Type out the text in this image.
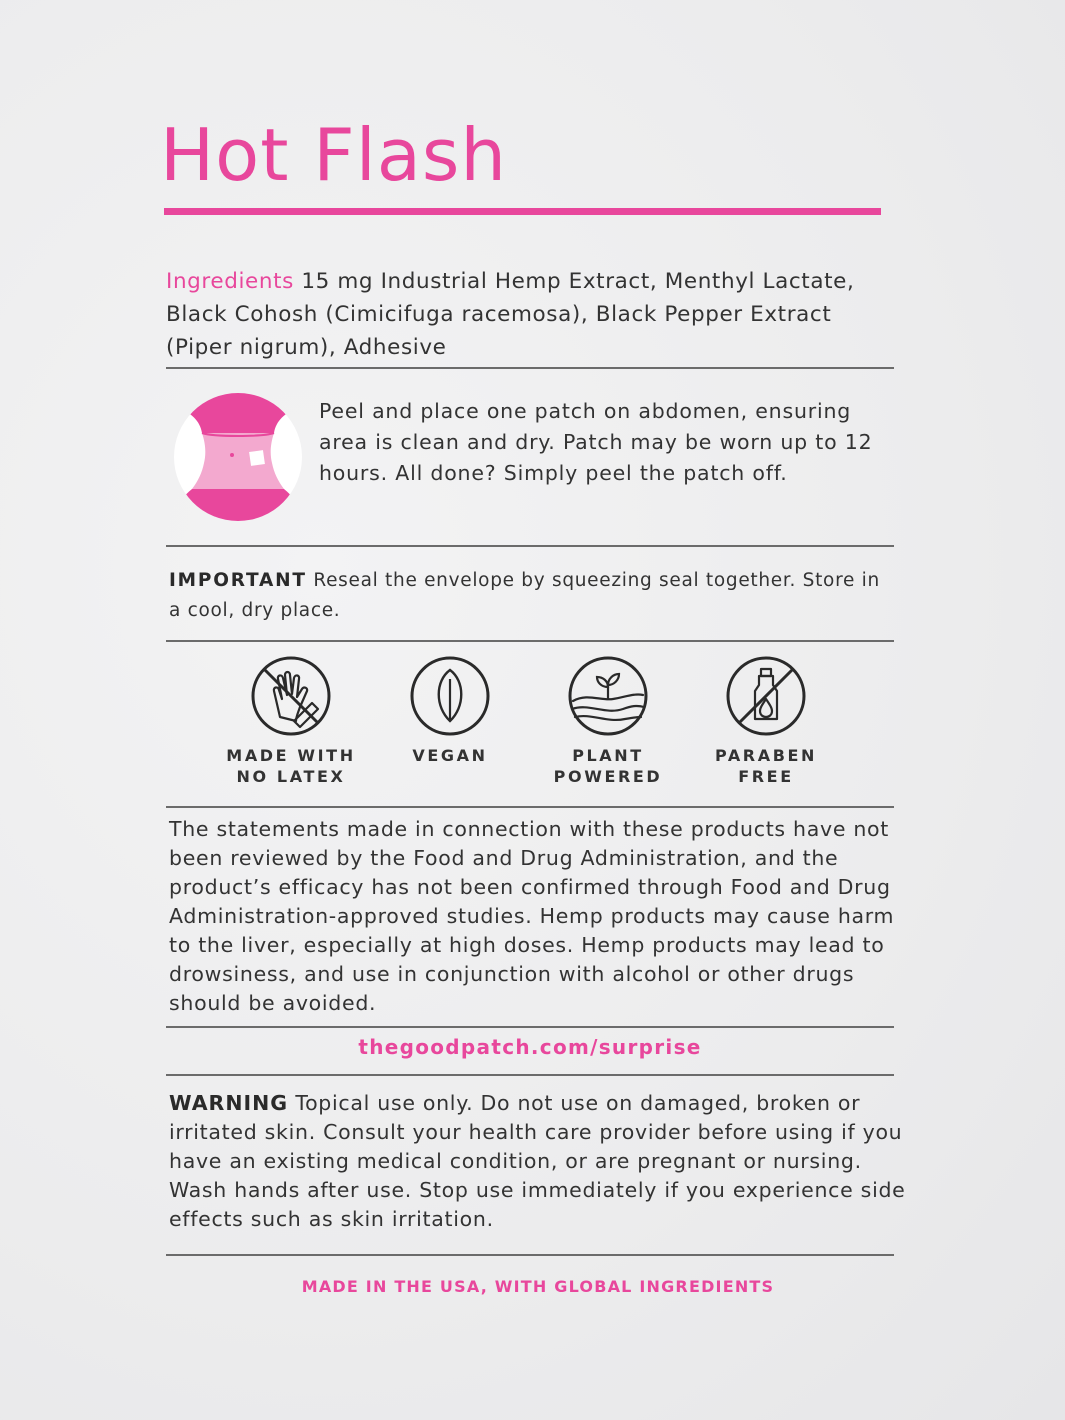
Hot Flash
Ingredients 15 mg Industrial Hemp Extract, Menthyl Lactate, Black Cohosh (Cimicifuga racemosa), Black Pepper Extract (Piper nigrum), Adhesive
Peel and place one patch on abdomen, ensuring area is clean and dry. Patch may be worn up to 12 hours. All done? Simply peel the patch off.
IMPORTANT Reseal the envelope by squeezing seal together. Store in a cool, dry place.
MADE WITH
NO LATEX
VEGAN	PLANT
POWERED
PARABEN
FREE
The statements made in connection with these products have not been reviewed by the Food and Drug Administration, and the product’s efficacy has not been confirmed through Food and Drug Administration-approved studies. Hemp products may cause harm to the liver, especially at high doses. Hemp products may lead to drowsiness, and use in conjunction with alcohol or other drugs should be avoided.
thegoodpatch.com/surprise
WARNING Topical use only. Do not use on damaged, broken or irritated skin. Consult your health care provider before using if you have an existing medical condition, or are pregnant or nursing. Wash hands after use. Stop use immediately if you experience side effects such as skin irritation.
MADE IN THE USA, WITH GLOBAL INGREDIENTS
